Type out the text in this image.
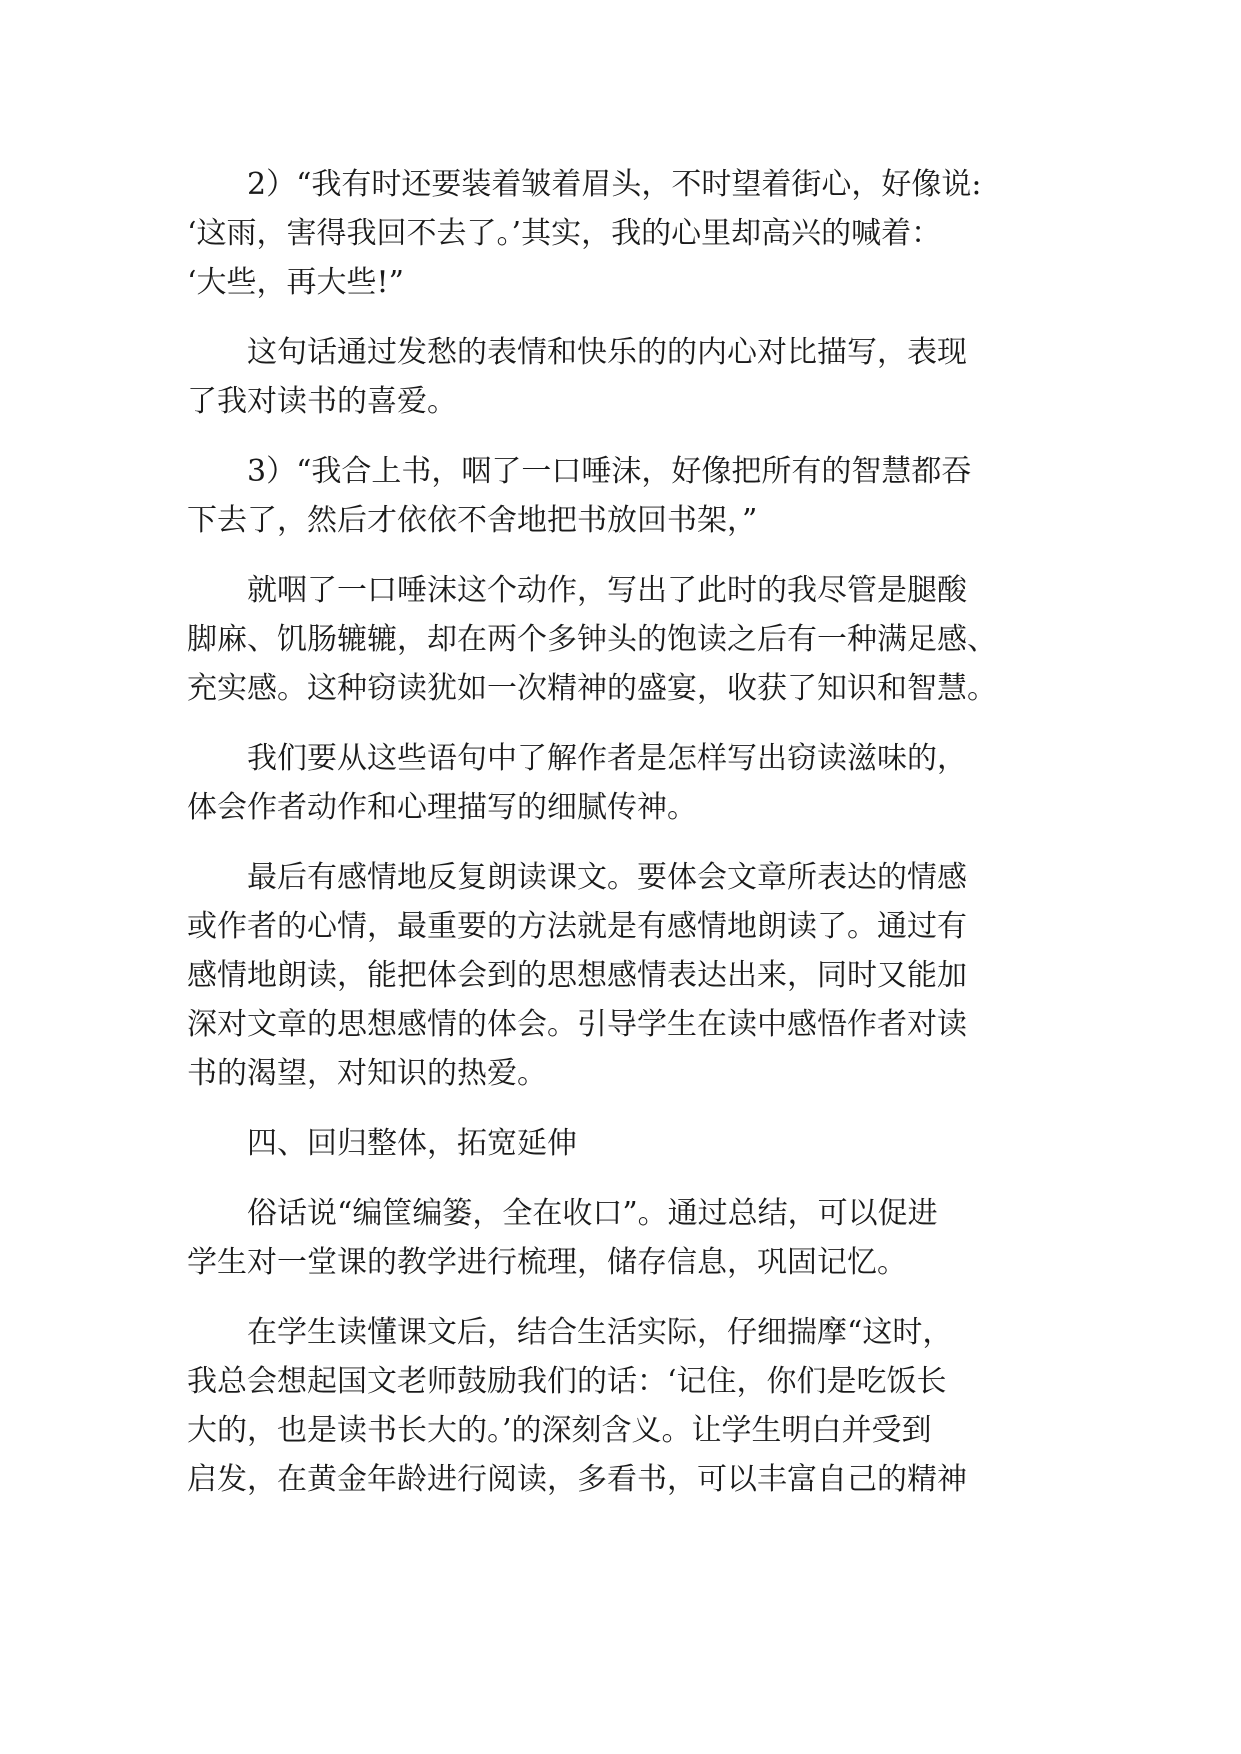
2）“我有时还要装着皱着眉头，不时望着街心，好像说:
‘这雨，害得我回不去了。’其实，我的心里却高兴的喊着：
‘大些，再大些!”

这句话通过发愁的表情和快乐的的内心对比描写，表现
了我对读书的喜爱。

3）“我合上书，咽了一口唾沫，好像把所有的智慧都吞
下去了，然后才依依不舍地把书放回书架，”

就咽了一口唾沫这个动作，写出了此时的我尽管是腿酸
脚麻、饥肠辘辘，却在两个多钟头的饱读之后有一种满足感、
充实感。这种窃读犹如一次精神的盛宴，收获了知识和智慧。

我们要从这些语句中了解作者是怎样写出窃读滋味的，
体会作者动作和心理描写的细腻传神。

最后有感情地反复朗读课文。要体会文章所表达的情感
或作者的心情，最重要的方法就是有感情地朗读了。通过有
感情地朗读，能把体会到的思想感情表达出来，同时又能加
深对文章的思想感情的体会。引导学生在读中感悟作者对读
书的渴望，对知识的热爱。

四、回归整体，拓宽延伸

俗话说“编筐编篓，全在收口”。通过总结，可以促进
学生对一堂课的教学进行梳理，储存信息，巩固记忆。

在学生读懂课文后，结合生活实际，仔细揣摩“这时，
我总会想起国文老师鼓励我们的话：‘记住，你们是吃饭长
大的，也是读书长大的。’的深刻含义。让学生明白并受到
启发，在黄金年龄进行阅读，多看书，可以丰富自己的精神
